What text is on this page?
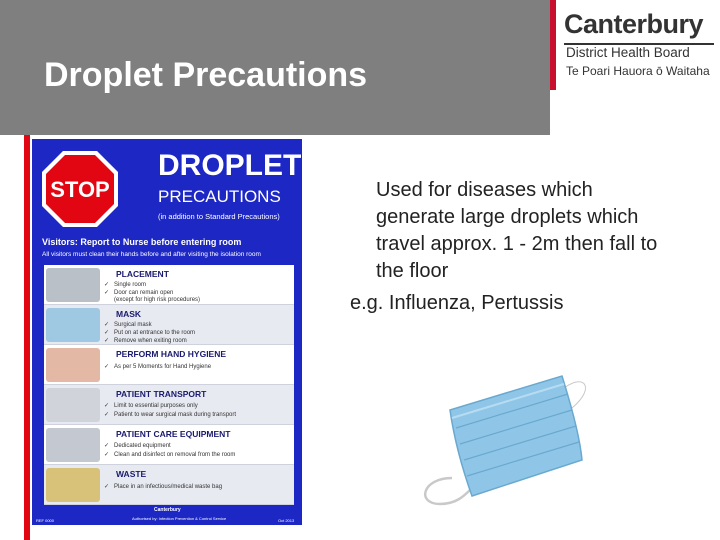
Droplet Precautions
Canterbury
District Health Board
Te Poari Hauora ō Waitaha
STOP
DROPLET
PRECAUTIONS
(in addition to Standard Precautions)
Visitors: Report to Nurse before entering room
All visitors must clean their hands before and after visiting the isolation room
PLACEMENT
✓ Single room
✓ Door can remain open
(except for high risk procedures)
MASK
✓ Surgical mask
✓ Put on at entrance to the room
✓ Remove when exiting room
PERFORM HAND HYGIENE
✓ As per 5 Moments for Hand Hygiene
PATIENT TRANSPORT
✓ Limit to essential purposes only
✓ Patient to wear surgical mask during transport
PATIENT CARE EQUIPMENT
✓ Dedicated equipment
✓ Clean and disinfect on removal from the room
WASTE
✓ Place in an infectious/medical waste bag
REF 0000
Canterbury
Authorised by: Infection Prevention & Control Service	Oct 2013
Used for diseases which generate large droplets which travel approx. 1 - 2m then fall to the floor
e.g. Influenza, Pertussis
